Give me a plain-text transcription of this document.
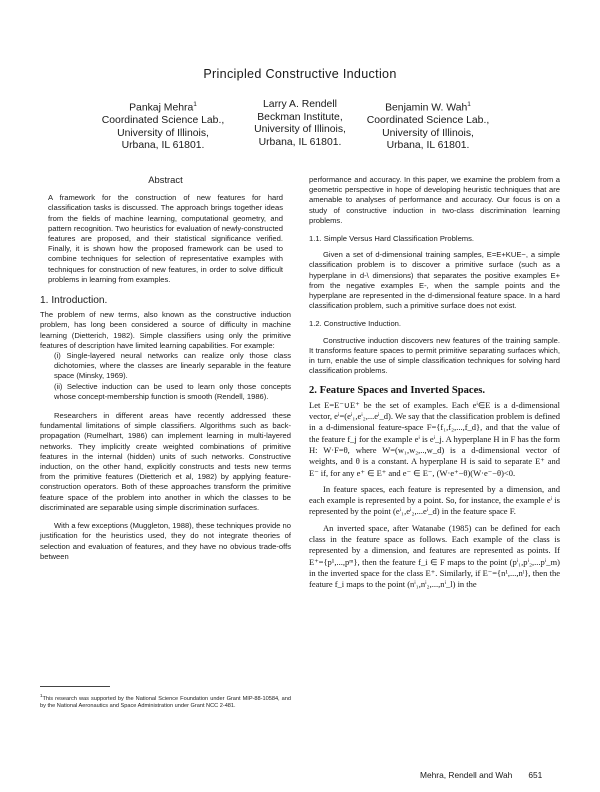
Principled Constructive Induction
Pankaj Mehra$^1$
Coordinated Science Lab.,
University of Illinois,
Urbana, IL 61801.
Larry A. Rendell
Beckman Institute,
University of Illinois,
Urbana, IL 61801.
Benjamin W. Wah$^1$
Coordinated Science Lab.,
University of Illinois,
Urbana, IL 61801.

Abstract

A framework for the construction of new features for hard classification tasks is discussed. The approach brings together ideas from the fields of machine learning, computational geometry, and pattern recognition. Two heuristics for evaluation of newly-constructed features are proposed, and their statistical significance verified. Finally, it is shown how the proposed framework can be used to combine techniques for selection of representative examples with techniques for construction of new features, in order to solve difficult problems in learning from examples.

1. Introduction.

The problem of new terms, also known as the constructive induction problem, has long been considered a source of difficulty in machine learning (Dietterich, 1982). Simple classifiers using only the primitive features of description have limited learning capabilities. For example:

(i) Single-layered neural networks can realize only those class dichotomies, where the classes are linearly separable in the feature space (Minsky, 1969).

(ii) Selective induction can be used to learn only those concepts whose concept-membership function is smooth (Rendell, 1986).

Researchers in different areas have recently addressed these fundamental limitations of simple classifiers. Algorithms such as back-propagation (Rumelhart, 1986) can implement learning in multi-layered networks. They implicitly create weighted combinations of primitive features in the internal (hidden) units of such networks. Constructive induction, on the other hand, explicitly constructs and tests new terms from the primitive features (Dietterich et al, 1982) by applying feature-construction operators. Both of these approaches transform the primitive feature space of the problem into another in which the classes to be discriminated are separable using simple discrimination surfaces.

With a few exceptions (Muggleton, 1988), these techniques provide no justification for the heuristics used, they do not integrate theories of selection and evaluation of features, and they have no obvious trade-offs between

$^1$This research was supported by the National Science Foundation under Grant MIP-88-10584, and by the National Aeronautics and Space Administration under Grant NCC 2-481.

performance and accuracy. In this paper, we examine the problem from a geometric perspective in hope of developing heuristic techniques that are amenable to analyses of performance and accuracy. Our focus is on a study of constructive induction in two-class discrimination learning problems.

1.1. Simple Versus Hard Classification Problems.

Given a set of d-dimensional training samples, E=E+KUE−, a simple classification problem is to discover a primitive surface (such as a hyperplane in d-\ dimensions) that separates the positive examples E+ from the negative examples E-, when the sample points and the hyperplane are represented in the d-dimensional feature space. In a hard classification problem, such a primitive surface does not exist.

1.2. Constructive Induction.

Constructive induction discovers new features of the training sample. It transforms feature spaces to permit primitive separating surfaces which, in turn, enable the use of simple classification techniques for solving hard classification problems.

2. Feature Spaces and Inverted Spaces.

Let E=E⁻∪E⁺ be the set of examples. Each eⁱ∈E is a d-dimensional vector, eⁱ=(eⁱ₁,eⁱ₂,...eⁱ_d). We say that the classification problem is defined in a d-dimensional feature-space F={f₁,f₂,...,f_d}, and that the value of the feature f_j for the example eⁱ is eⁱ_j. A hyperplane H in F has the form H: W·F=θ, where W=(w₁,w₂,..,w_d) is a d-dimensional vector of weights, and θ is a constant. A hyperplane H is said to separate E⁺ and E⁻ if, for any e⁺ ∈ E⁺ and e⁻ ∈ E⁻, (W·e⁺−θ)(W·e⁻−θ)<0.

In feature spaces, each feature is represented by a dimension, and each example is represented by a point. So, for instance, the example eⁱ is represented by the point (eⁱ₁,eⁱ₂,...eⁱ_d) in the feature space F.

An inverted space, after Watanabe (1985) can be defined for each class in the feature space as follows. Each example of the class is represented by a dimension, and features are represented as points. If E⁺={p¹,...,pᵐ}, then the feature f_i ∈ F maps to the point (pⁱ₁,pⁱ₂,...pⁱ_m) in the inverted space for the class E⁺. Similarly, if E⁻={n¹,...,nˡ}, then the feature f_i maps to the point (nⁱ₁,nⁱ₂,...,nⁱ_l) in the

Mehra, Rendell and Wah 651
